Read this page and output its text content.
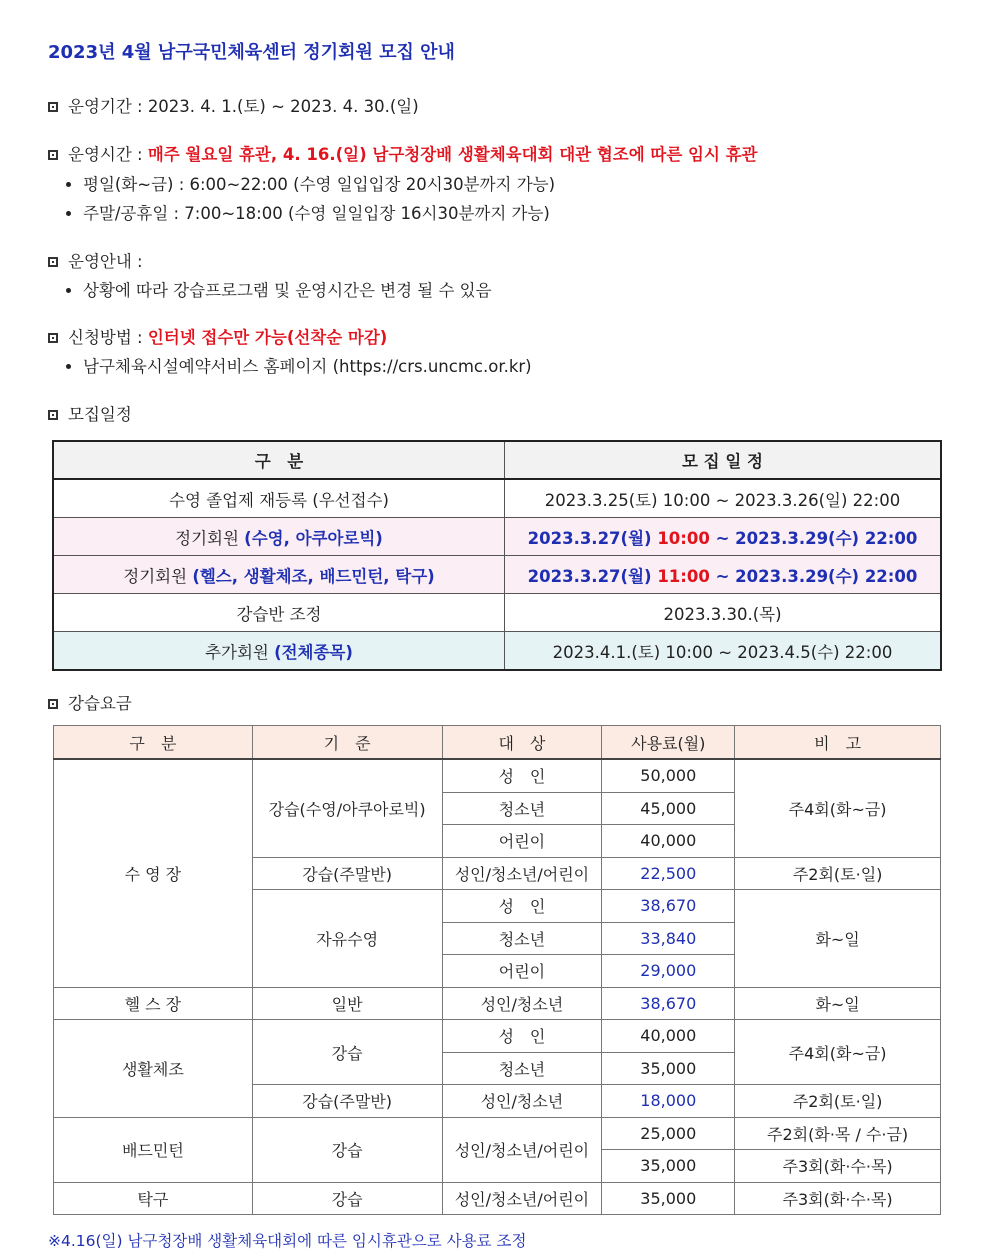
2023년 4월 남구국민체육센터 정기회원 모집 안내
운영기간 : 2023. 4. 1.(토) ~ 2023. 4. 30.(일)
운영시간 : 매주 월요일 휴관, 4. 16.(일) 남구청장배 생활체육대회 대관 협조에 따른 임시 휴관
평일(화~금) : 6:00~22:00 (수영 일입입장 20시30분까지 가능)
주말/공휴일 : 7:00~18:00 (수영 일일입장 16시30분까지 가능)
운영안내 :
상황에 따라 강습프로그램 및 운영시간은 변경 될 수 있음
신청방법 : 인터넷 접수만 가능(선착순 마감)
남구체육시설예약서비스 홈페이지 (https://crs.uncmc.or.kr)
모집일정
구　분	모 집 일 정
수영 졸업제 재등록 (우선접수)	2023.3.25(토) 10:00 ~ 2023.3.26(일) 22:00
정기회원 (수영, 아쿠아로빅)	2023.3.27(월) 10:00 ~ 2023.3.29(수) 22:00
정기회원 (헬스, 생활체조, 배드민턴, 탁구)	2023.3.27(월) 11:00 ~ 2023.3.29(수) 22:00
강습반 조정	2023.3.30.(목)
추가회원 (전체종목)	2023.4.1.(토) 10:00 ~ 2023.4.5(수) 22:00
강습요금
구　분	기　준	대　상	사용료(월)	비　고
수 영 장	강습(수영/아쿠아로빅)	성　인	50,000	주4회(화~금)
		청소년	45,000	
		어린이	40,000	
	강습(주말반)	성인/청소년/어린이	22,500	주2회(토·일)
	자유수영	성　인	38,670	화~일
		청소년	33,840	
		어린이	29,000	
헬 스 장	일반	성인/청소년	38,670	화~일
생활체조	강습	성　인	40,000	주4회(화~금)
		청소년	35,000	
	강습(주말반)	성인/청소년	18,000	주2회(토·일)
배드민턴	강습	성인/청소년/어린이	25,000	주2회(화·목 / 수·금)
			35,000	주3회(화·수·목)
탁구	강습	성인/청소년/어린이	35,000	주3회(화·수·목)
※4.16(일) 남구청장배 생활체육대회에 따른 임시휴관으로 사용료 조정
